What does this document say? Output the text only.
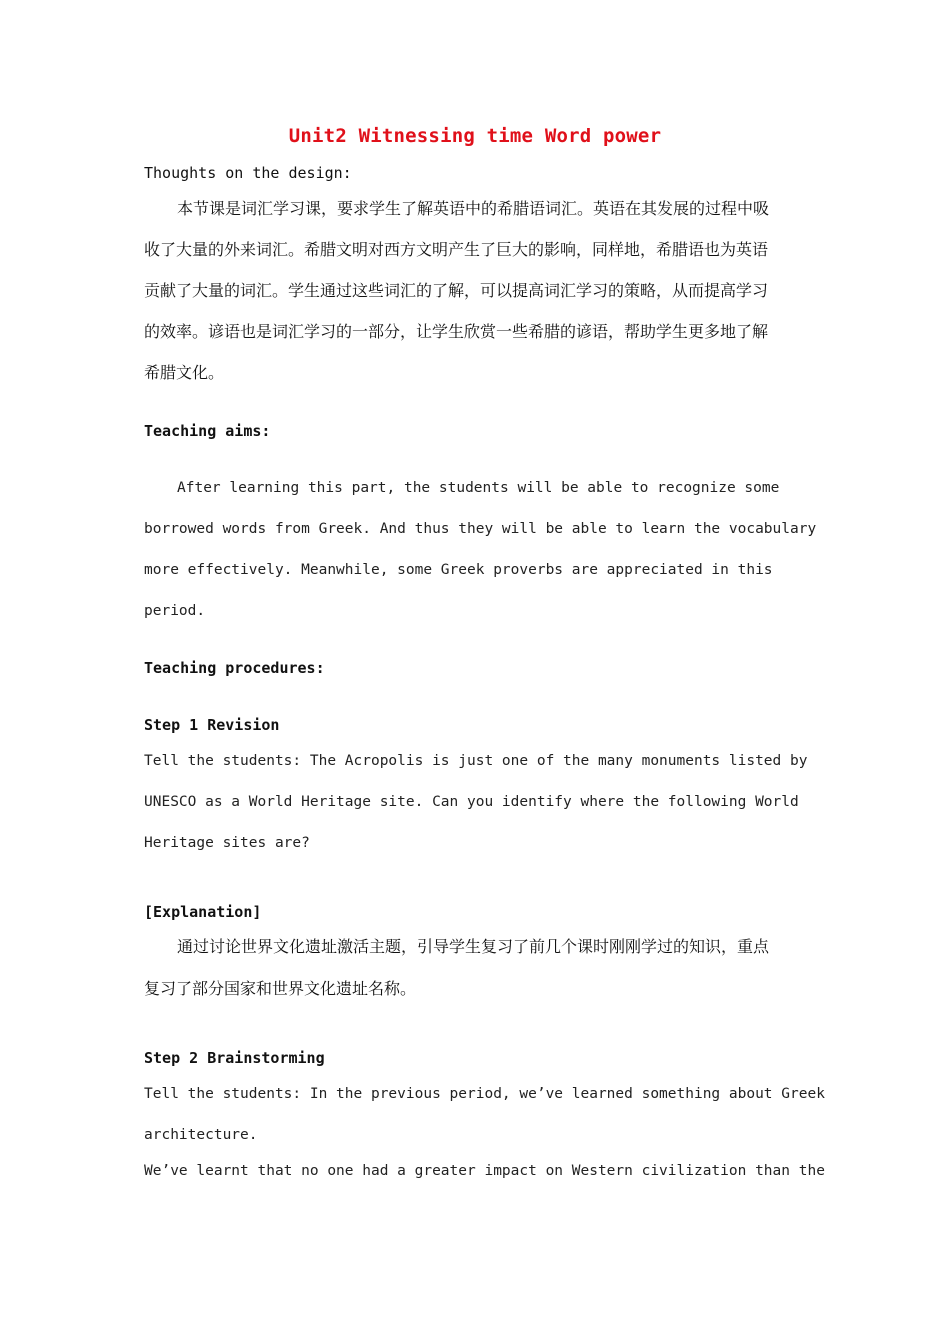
Unit2 Witnessing time Word power
Thoughts on the design:
本节课是词汇学习课，要求学生了解英语中的希腊语词汇。英语在其发展的过程中吸
收了大量的外来词汇。希腊文明对西方文明产生了巨大的影响，同样地，希腊语也为英语
贡献了大量的词汇。学生通过这些词汇的了解，可以提高词汇学习的策略，从而提高学习
的效率。谚语也是词汇学习的一部分，让学生欣赏一些希腊的谚语，帮助学生更多地了解
希腊文化。
Teaching aims:
After learning this part, the students will be able to recognize some
borrowed words from Greek. And thus they will be able to learn the vocabulary
more effectively. Meanwhile, some Greek proverbs are appreciated in this
period.
Teaching procedures:
Step 1 Revision
Tell the students: The Acropolis is just one of the many monuments listed by
UNESCO as a World Heritage site. Can you identify where the following World
Heritage sites are?
[Explanation]
通过讨论世界文化遗址激活主题，引导学生复习了前几个课时刚刚学过的知识，重点
复习了部分国家和世界文化遗址名称。
Step 2 Brainstorming
Tell the students: In the previous period, we’ve learned something about Greek
architecture.
We’ve learnt that no one had a greater impact on Western civilization than the
